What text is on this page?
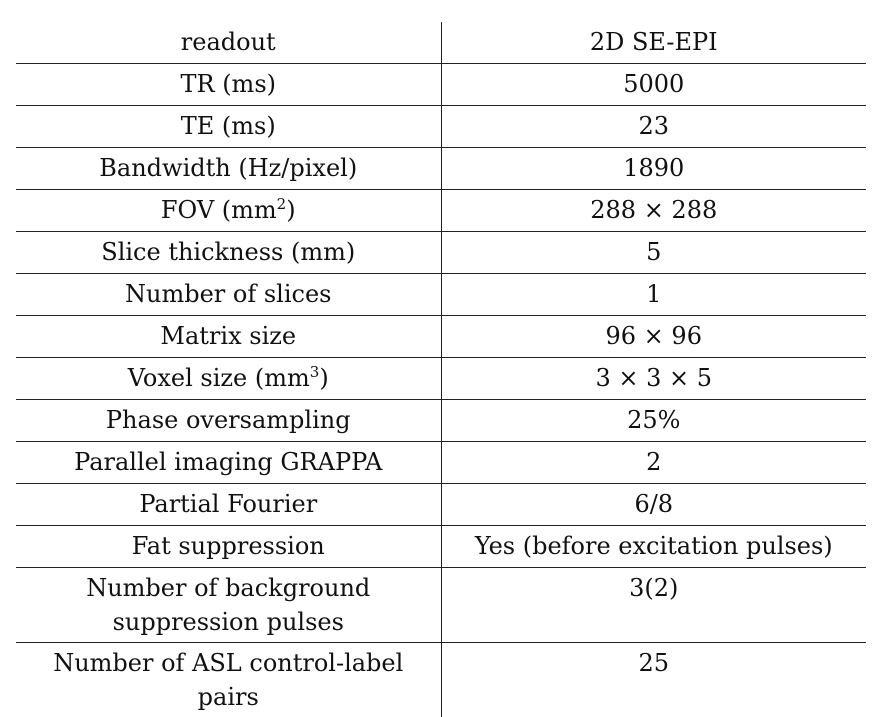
readout	2D SE-EPI
TR (ms)	5000
TE (ms)	23
Bandwidth (Hz/pixel)	1890
FOV $(mm^2)$	288 × 288
Slice thickness (mm)	5
Number of slices	1
Matrix size	96 × 96
Voxel size $(mm^3)$	3 × 3 × 5
Phase oversampling	25%
Parallel imaging GRAPPA	2
Partial Fourier	6/8
Fat suppression	Yes (before excitation pulses)
Number of background
suppression pulses	3(2)
Number of ASL control-label
pairs	25
